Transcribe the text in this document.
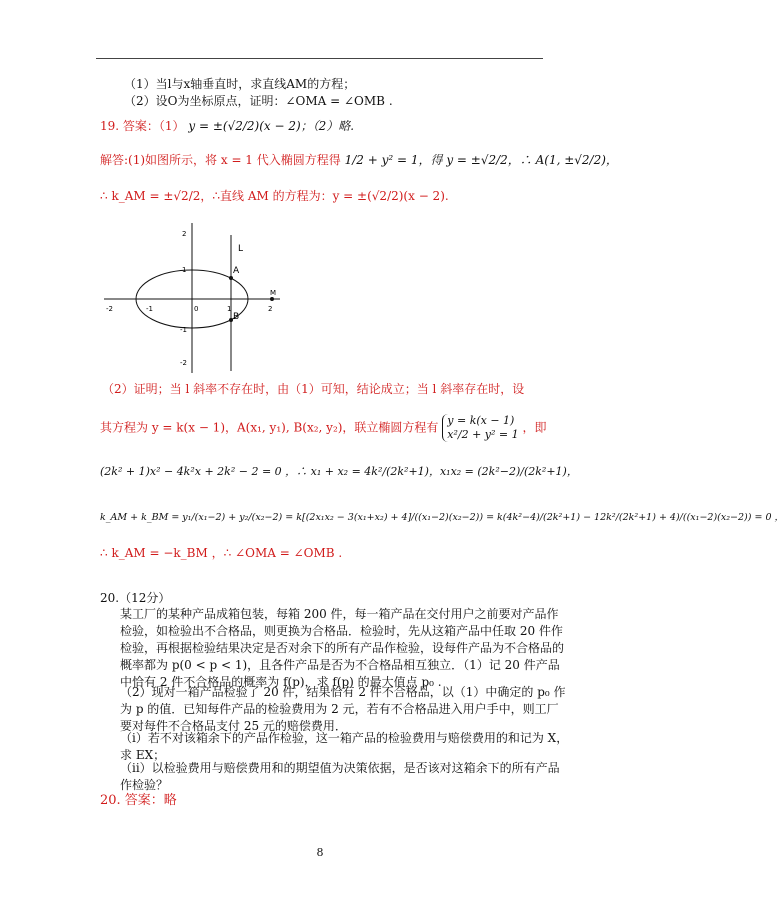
（1）当l与x轴垂直时，求直线AM的方程；
（2）设O为坐标原点，证明：∠OMA = ∠OMB .
19. 答案：（1） y = ±(√2/2)(x − 2)；（2）略.
解答:(1)如图所示，将 x = 1 代入椭圆方程得 1/2 + y² = 1，得 y = ±√2/2，∴ A(1, ±√2/2)，
∴ k_AM = ±√2/2，∴直线 AM 的方程为：y = ±(√2/2)(x − 2).
L
A
B
M
-2	-1	0	1	2
2
1
-1
-2
（2）证明；当 l 斜率不存在时，由（1）可知，结论成立；当 l 斜率存在时，设
其方程为 y = k(x − 1)，A(x₁, y₁), B(x₂, y₂)，联立椭圆方程有 y = k(x − 1)
x²/2 + y² = 1 ，即
(2k² + 1)x² − 4k²x + 2k² − 2 = 0 ，∴ x₁ + x₂ = 4k²/(2k²+1)，x₁x₂ = (2k²−2)/(2k²+1)，
k_AM + k_BM = y₁/(x₁−2) + y₂/(x₂−2) = k[(2x₁x₂ − 3(x₁+x₂) + 4]/((x₁−2)(x₂−2)) = k(4k²−4)/(2k²+1) − 12k²/(2k²+1) + 4)/((x₁−2)(x₂−2)) = 0 ，
∴ k_AM = −k_BM ，∴ ∠OMA = ∠OMB .
20.（12分）
某工厂的某种产品成箱包装，每箱 200 件，每一箱产品在交付用户之前要对产品作检验，如检验出不合格品，则更换为合格品．检验时，先从这箱产品中任取 20 件作检验，再根据检验结果决定是否对余下的所有产品作检验，设每件产品为不合格品的概率都为 p(0 < p < 1)，且各件产品是否为不合格品相互独立．（1）记 20 件产品中恰有 2 件不合格品的概率为 f(p)，求 f(p) 的最大值点 p₀ .
（2）现对一箱产品检验了 20 件，结果恰有 2 件不合格品，以（1）中确定的 p₀ 作为 p 的值．已知每件产品的检验费用为 2 元，若有不合格品进入用户手中，则工厂要对每件不合格品支付 25 元的赔偿费用．
（i）若不对该箱余下的产品作检验，这一箱产品的检验费用与赔偿费用的和记为 X，求 EX；
（ii）以检验费用与赔偿费用和的期望值为决策依据，是否该对这箱余下的所有产品作检验？
20. 答案：略
8
